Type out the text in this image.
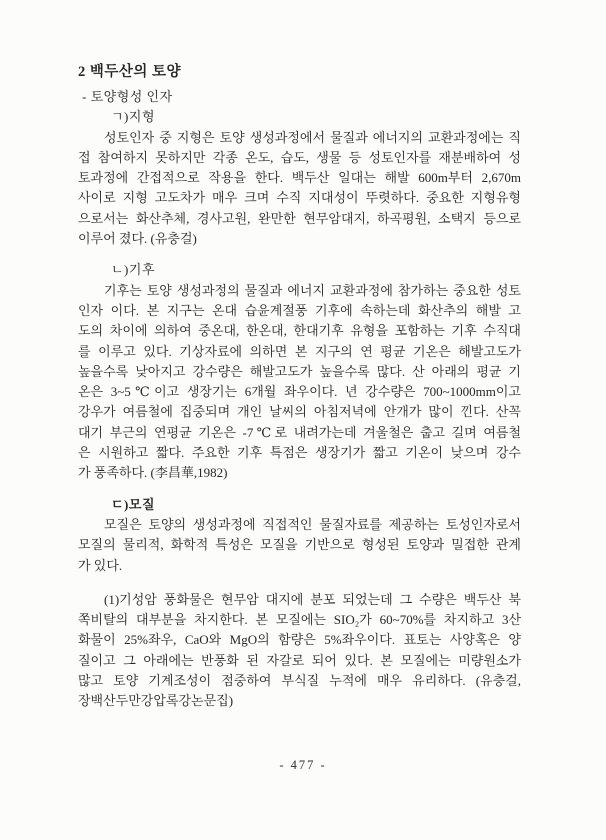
2 백두산의 토양
- 토양형성 인자
ㄱ)지형
성토인자 중 지형은 토양 생성과정에서 물질과 에너지의 교환과정에는 직
접 참여하지 못하지만 각종 온도, 습도, 생물 등 성토인자를 재분배하여 성
토과정에 간접적으로 작용을 한다. 백두산 일대는 해발 600m부터 2,670m
사이로 지형 고도차가 매우 크며 수직 지대성이 뚜렷하다. 중요한 지형유형
으로서는 화산추체, 경사고원, 완만한 현무암대지, 하곡평원, 소택지 등으로
이루어 졌다. (유충걸)
ㄴ)기후
기후는 토양 생성과정의 물질과 에너지 교환과정에 참가하는 중요한 성토
인자 이다. 본 지구는 온대 습윤계절풍 기후에 속하는데 화산추의 해발 고
도의 차이에 의하여 중온대, 한온대, 한대기후 유형을 포함하는 기후 수직대
를 이루고 있다. 기상자료에 의하면 본 지구의 연 평균 기온은 해발고도가
높을수록 낮아지고 강수량은 해발고도가 높을수록 많다. 산 아래의 평균 기
온은 3~5℃이고 생장기는 6개월 좌우이다. 년 강수량은 700~1000mm이고
강우가 여름철에 집중되며 개인 날씨의 아침저녁에 안개가 많이 낀다. 산꼭
대기 부근의 연평균 기온은 -7℃로 내려가는데 겨울철은 춥고 길며 여름철
은 시원하고 짧다. 주요한 기후 특점은 생장기가 짧고 기온이 낮으며 강수
가 풍족하다. (李昌華,1982)
ㄷ)모질
모질은 토양의 생성과정에 직접적인 물질자료를 제공하는 토성인자로서
모질의 물리적, 화학적 특성은 모질을 기반으로 형성된 토양과 밀접한 관계
가 있다.
(1)기성암 풍화물은 현무암 대지에 분포 되었는데 그 수량은 백두산 북
쪽비탈의 대부분을 차지한다. 본 모질에는 SIO₂가 60~70%를 차지하고 3산
화물이 25%좌우, CaO와 MgO의 함량은 5%좌우이다. 표토는 사양혹은 양
질이고 그 아래에는 반풍화 된 자갈로 되어 있다. 본 모질에는 미량원소가
많고 토양 기계조성이 점중하여 부식질 누적에 매우 유리하다. (유충걸,
장백산두만강압록강논문집)
- 477 -
